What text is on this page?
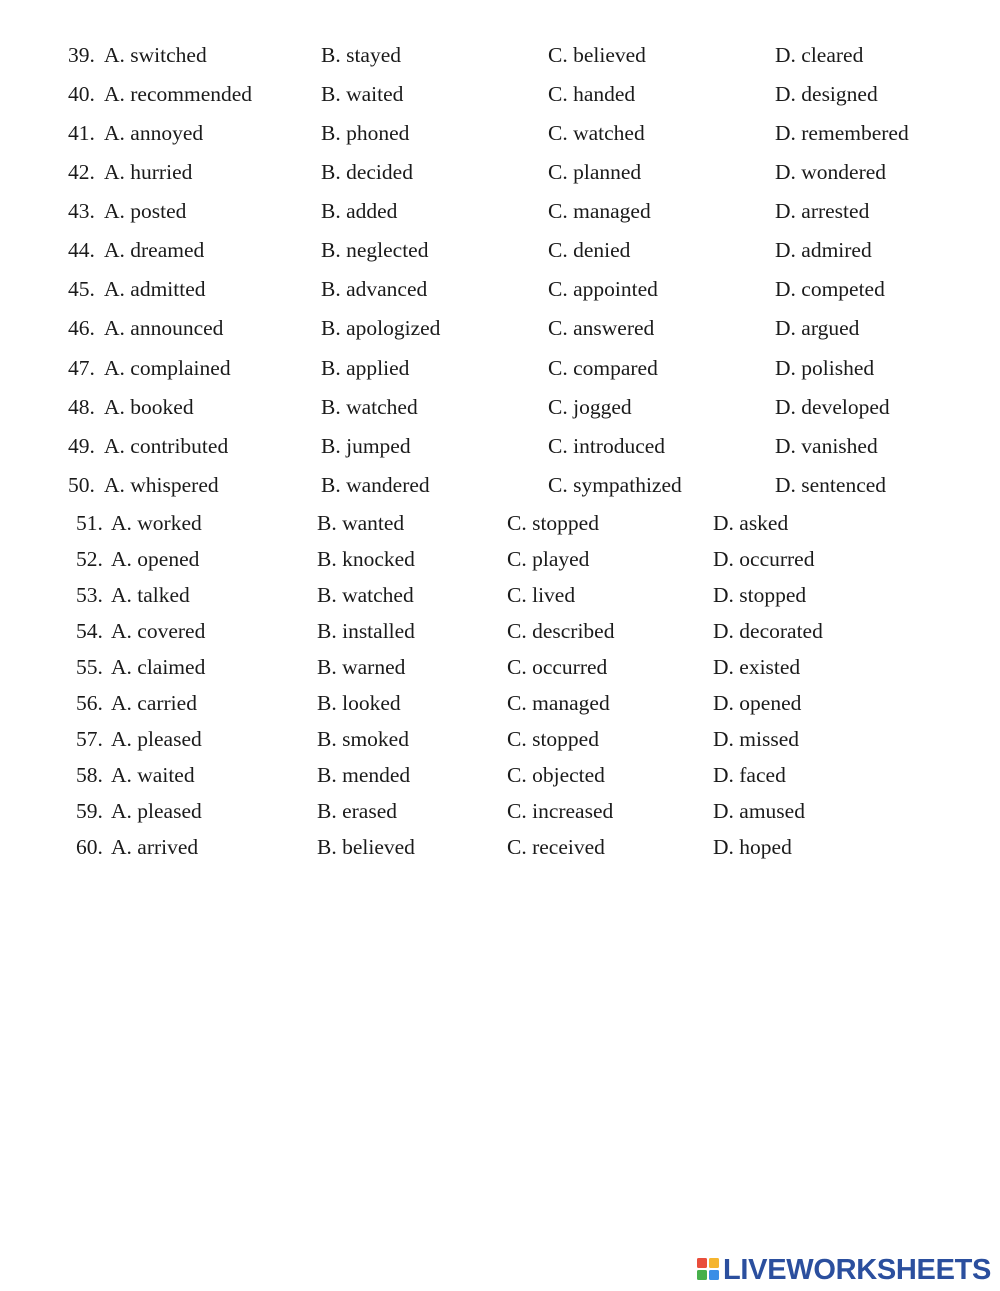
39. A. switched	B. stayed	C. believed	D. cleared
40. A. recommended	B. waited	C. handed	D. designed
41. A. annoyed	B. phoned	C. watched	D. remembered
42. A. hurried	B. decided	C. planned	D. wondered
43. A. posted	B. added	C. managed	D. arrested
44. A. dreamed	B. neglected	C. denied	D. admired
45. A. admitted	B. advanced	C. appointed	D. competed
46. A. announced	B. apologized	C. answered	D. argued
47. A. complained	B. applied	C. compared	D. polished
48. A. booked	B. watched	C. jogged	D. developed
49. A. contributed	B. jumped	C. introduced	D. vanished
50. A. whispered	B. wandered	C. sympathized	D. sentenced
51. A. worked	B. wanted	C. stopped	D. asked
52. A. opened	B. knocked	C. played	D. occurred
53. A. talked	B. watched	C. lived	D. stopped
54. A. covered	B. installed	C. described	D. decorated
55. A. claimed	B. warned	C. occurred	D. existed
56. A. carried	B. looked	C. managed	D. opened
57. A. pleased	B. smoked	C. stopped	D. missed
58. A. waited	B. mended	C. objected	D. faced
59. A. pleased	B. erased	C. increased	D. amused
60. A. arrived	B. believed	C. received	D. hoped
LIVEWORKSHEETS
